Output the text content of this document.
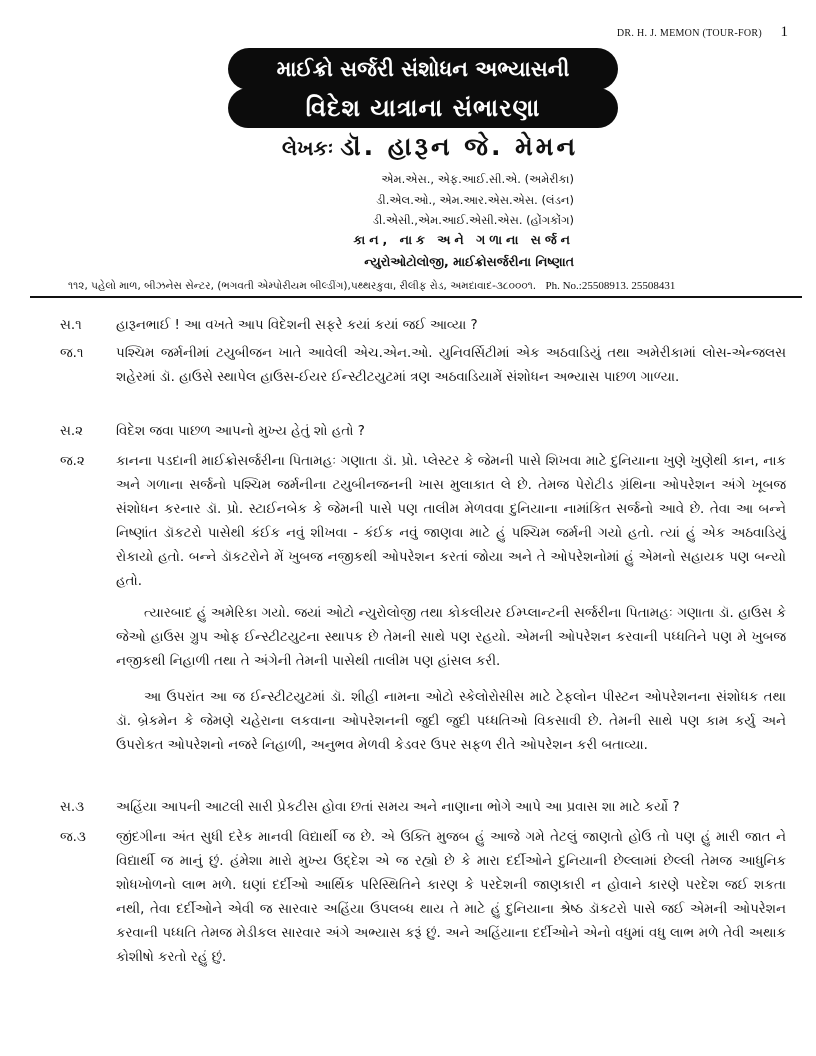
DR. H. J. MEMON (TOUR-FOR) 1
માઈક્રો સર્જરી સંશોધન અભ્યાસની
વિદેશ યાત્રાના સંભારણા
લેખકઃ ડૉ. હારૂન જે. મેમન
એમ.એસ., એફ.આઈ.સી.એ. (અમેરીકા)
ડી.એલ.ઓ., એમ.આર.એસ.એસ. (લંડન)
ડી.એસી.,એમ.આઈ.એસી.એસ. (હોંગકોંગ)
કાન, નાક અને ગળાના સર્જન
ન્યુરોઓટોલોજી, માઈક્રોસર્જરીના નિષ્ણાત
૧૧૨, પહેલો માળ, બીઝનેસ સેન્ટર, (ભગવતી એમ્પોરીયમ બીલ્ડીંગ),પથ્થરકુવા, રીલીફ રોડ, અમદાવાદ-૩૮૦૦૦૧. Ph. No.:25508913. 25508431
સ.૧	હારૂનભાઈ ! આ વખતે આપ વિદેશની સફરે કયાં કયાં જઈ આવ્યા ?
જ.૧	પશ્ચિમ જર્મનીમાં ટયુબીજન ખાતે આવેલી એચ.એન.ઓ. યુનિવર્સિટીમાં એક અઠવાડિયું તથા અમેરીકામાં લોસ-એન્જલસ શહેરમાં ડૉ. હાઉસે સ્થાપેલ હાઉસ-ઈયર ઈન્સ્ટીટયુટમાં ત્રણ અઠવાડિયામેં સંશોધન અભ્યાસ પાછળ ગાળ્યા.
સ.૨	વિદેશ જવા પાછળ આપનો મુખ્ય હેતું શો હતો ?
જ.૨	કાનના પડદાની માઈક્રોસર્જરીના પિતામહઃ ગણાતા ડૉ. પ્રો. પ્લેસ્ટર કે જેમની પાસે શિખવા માટે દુનિયાના ખુણે ખુણેથી કાન, નાક અને ગળાના સર્જનો પશ્ચિમ જર્મનીના ટયુબીનજનની ખાસ મુલાકાત લે છે. તેમજ પેરોટીડ ગ્રંથિના ઓપરેશન અંગે ખૂબજ સંશોધન કરનાર ડૉ. પ્રો. સ્ટાઈનબેક કે જેમની પાસે પણ તાલીમ મેળવવા દુનિયાના નામાંકિત સર્જનો આવે છે. તેવા આ બન્ને નિષ્ણાંત ડૉકટરો પાસેથી કંઈક નવું શીખવા - કંઈક નવું જાણવા માટે હું પશ્ચિમ જર્મની ગયો હતો. ત્યાં હું એક અઠવાડિયું રોકાયો હતો. બન્ને ડૉકટરોને મેં ખુબજ નજીકથી ઓપરેશન કરતાં જોયા અને તે ઓપરેશનોમાં હું એમનો સહાયક પણ બન્યો હતો.
ત્યારબાદ હું અમેરિકા ગયો. જયાં ઓટો ન્યુરોલોજી તથા કોકલીયર ઈમ્પ્લાન્ટની સર્જરીના પિતામહઃ ગણાતા ડૉ. હાઉસ કે જેઓ હાઉસ ગ્રુપ ઓફ ઈન્સ્ટીટયુટના સ્થાપક છે તેમની સાથે પણ રહયો. એમની ઓપરેશન કરવાની પધ્ધતિને પણ મે ખુબજ નજીકથી નિહાળી તથા તે અંગેની તેમની પાસેથી તાલીમ પણ હાંસલ કરી.
આ ઉપરાંત આ જ ઈન્સ્ટીટયુટમાં ડૉ. શીહી નામના ઓટો સ્કેલોરોસીસ માટે ટેફલોન પીસ્ટન ઓપરેશનના સંશોધક તથા ડૉ. બ્રેકમેન કે જેમણે ચહેરાના લકવાના ઓપરેશનની જુદી જુદી પધ્ધતિઓ વિકસાવી છે. તેમની સાથે પણ કામ કર્યુ અને ઉપરોકત ઓપરેશનો નજરે નિહાળી, અનુભવ મેળવી કેડવર ઉપર સફળ રીતે ઓપરેશન કરી બતાવ્યા.
સ.૩	અહિંયા આપની આટલી સારી પ્રેકટીસ હોવા છતાં સમય અને નાણાના ભોગે આપે આ પ્રવાસ શા માટે કર્યો ?
જ.૩	જીંદગીના અંત સુધી દરેક માનવી વિદ્યાર્થી જ છે. એ ઉક્તિ મુજબ હું આજે ગમે તેટલું જાણતો હોઉ તો પણ હું મારી જાત ને વિદ્યાર્થી જ માનું છું. હંમેશા મારો મુખ્ય ઉદ્દેશ એ જ રહ્યો છે કે મારા દર્દીઓને દુનિયાની છેલ્લામાં છેલ્લી તેમજ આધુનિક શોધખોળનો લાભ મળે. ઘણાં દર્દીઓ આર્થિક પરિસ્થિતિને કારણ કે પરદેશની જાણકારી ન હોવાને કારણે પરદેશ જઈ શકતા નથી, તેવા દર્દીઓને એવી જ સારવાર અહિંયા ઉપલબ્ધ થાય તે માટે હું દુનિયાના શ્રેષ્ઠ ડૉકટરો પાસે જઈ એમની ઓપરેશન કરવાની પધ્ધતિ તેમજ મેડીકલ સારવાર અંગે અભ્યાસ કરૂં છું. અને અહિંયાના દર્દીઓને એનો વધુમાં વધુ લાભ મળે તેવી અથાક કોશીષો કરતો રહું છું.
